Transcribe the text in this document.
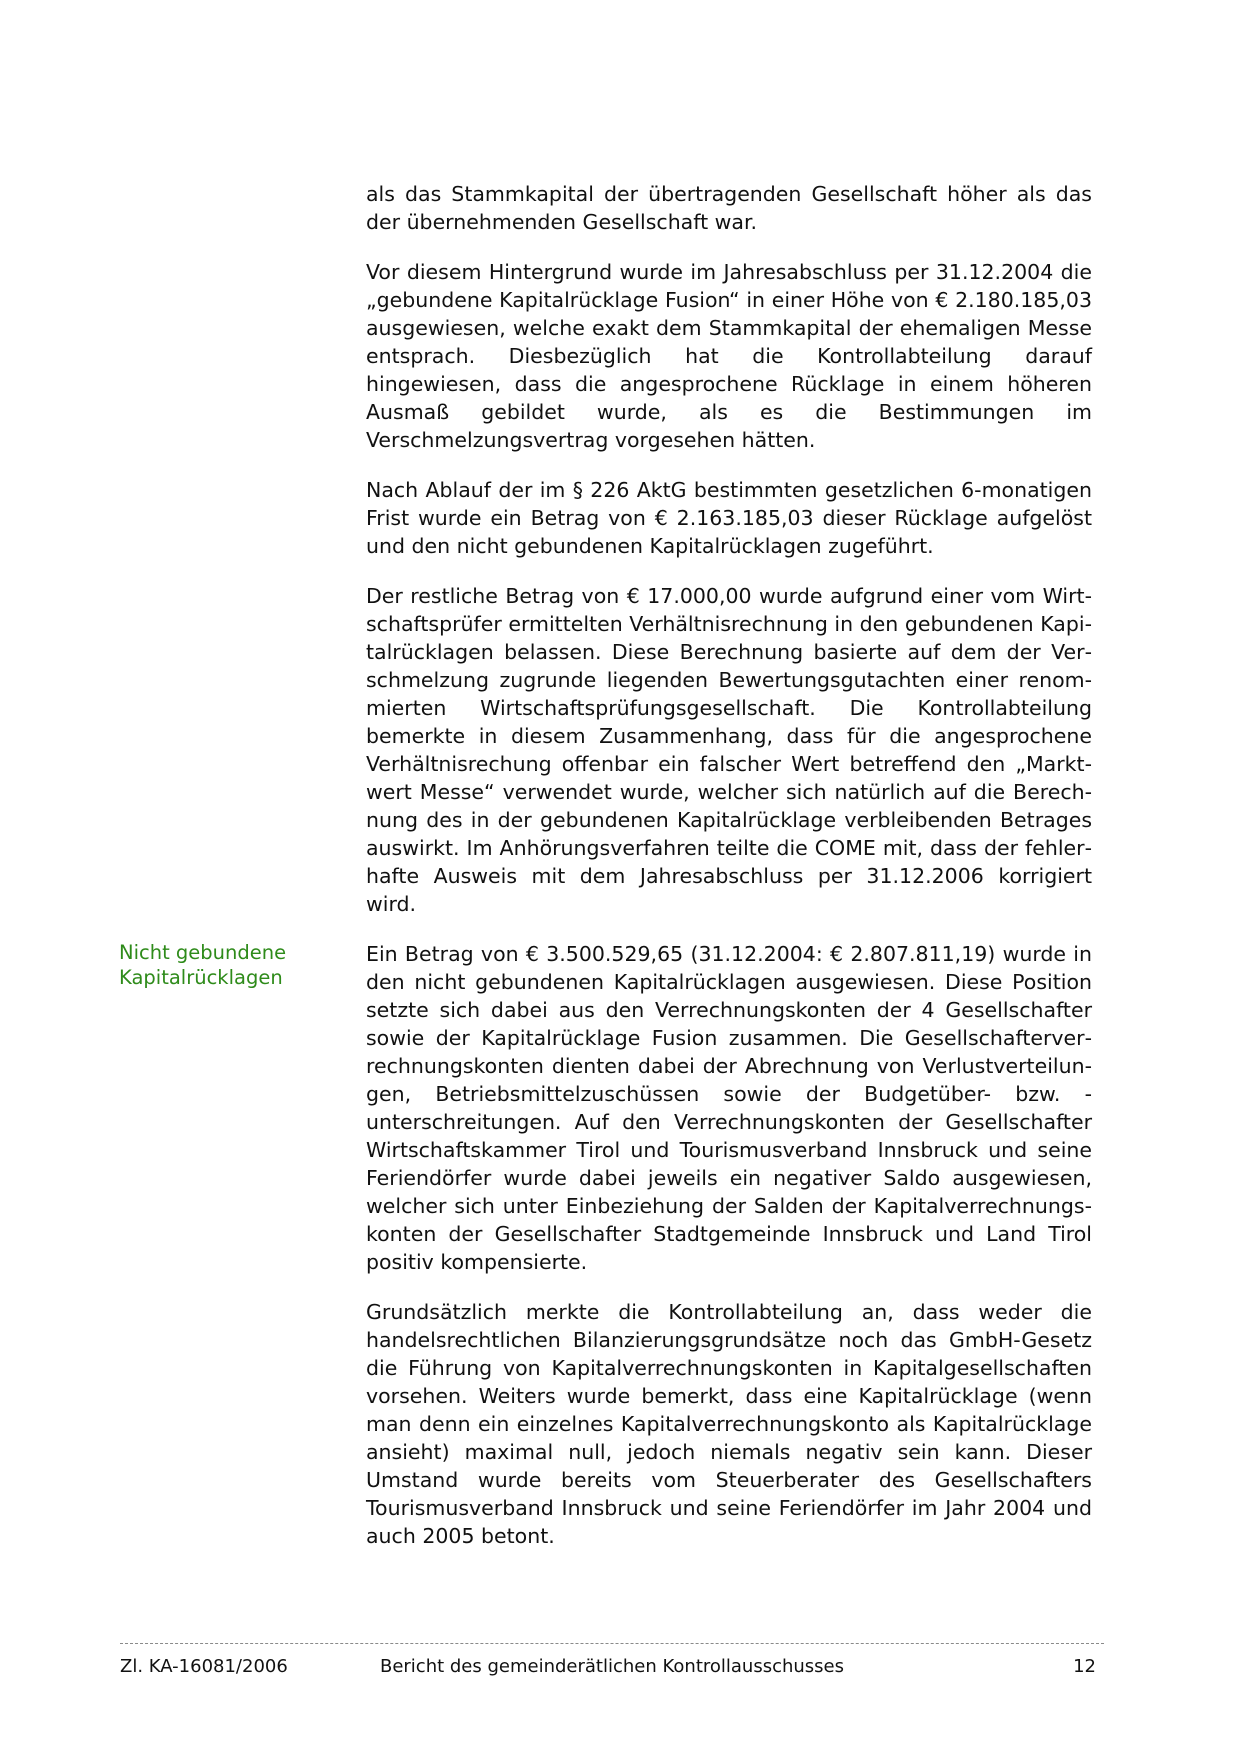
als das Stammkapital der übertragenden Gesellschaft höher als das der übernehmenden Gesellschaft war.

Vor diesem Hintergrund wurde im Jahresabschluss per 31.12.2004 die „gebundene Kapitalrücklage Fusion“ in einer Höhe von € 2.180.185,03 ausgewiesen, welche exakt dem Stammkapital der ehemaligen Messe entsprach. Diesbezüglich hat die Kontrollabteilung darauf hingewiesen, dass die angesprochene Rücklage in einem höheren Ausmaß gebildet wurde, als es die Bestimmungen im Verschmelzungsvertrag vorgesehen hätten.

Nach Ablauf der im § 226 AktG bestimmten gesetzlichen 6-monatigen Frist wurde ein Betrag von € 2.163.185,03 dieser Rücklage aufgelöst und den nicht gebundenen Kapitalrücklagen zugeführt.

Der restliche Betrag von € 17.000,00 wurde aufgrund einer vom Wirtschaftsprüfer ermittelten Verhältnisrechnung in den gebundenen Kapitalrücklagen belassen. Diese Berechnung basierte auf dem der Verschmelzung zugrunde liegenden Bewertungsgutachten einer renommierten Wirtschaftsprüfungsgesellschaft. Die Kontrollabteilung bemerkte in diesem Zusammenhang, dass für die angesprochene Verhältnisrechung offenbar ein falscher Wert betreffend den „Marktwert Messe“ verwendet wurde, welcher sich natürlich auf die Berechnung des in der gebundenen Kapitalrücklage verbleibenden Betrages auswirkt. Im Anhörungsverfahren teilte die COME mit, dass der fehlerhafte Ausweis mit dem Jahresabschluss per 31.12.2006 korrigiert wird.

Nicht gebundene
Kapitalrücklagen

Ein Betrag von € 3.500.529,65 (31.12.2004: € 2.807.811,19) wurde in den nicht gebundenen Kapitalrücklagen ausgewiesen. Diese Position setzte sich dabei aus den Verrechnungskonten der 4 Gesellschafter sowie der Kapitalrücklage Fusion zusammen. Die Gesellschafterverrechnungskonten dienten dabei der Abrechnung von Verlustverteilungen, Betriebsmittelzuschüssen sowie der Budgetüber- bzw. -unterschreitungen. Auf den Verrechnungskonten der Gesellschafter Wirtschaftskammer Tirol und Tourismusverband Innsbruck und seine Feriendörfer wurde dabei jeweils ein negativer Saldo ausgewiesen, welcher sich unter Einbeziehung der Salden der Kapitalverrechnungskonten der Gesellschafter Stadtgemeinde Innsbruck und Land Tirol positiv kompensierte.

Grundsätzlich merkte die Kontrollabteilung an, dass weder die handelsrechtlichen Bilanzierungsgrundsätze noch das GmbH-Gesetz die Führung von Kapitalverrechnungskonten in Kapitalgesellschaften vorsehen. Weiters wurde bemerkt, dass eine Kapitalrücklage (wenn man denn ein einzelnes Kapitalverrechnungskonto als Kapitalrücklage ansieht) maximal null, jedoch niemals negativ sein kann. Dieser Umstand wurde bereits vom Steuerberater des Gesellschafters Tourismusverband Innsbruck und seine Feriendörfer im Jahr 2004 und auch 2005 betont.

Bericht des gemeinderätlichen Kontrollausschusses
Zl. KA-16081/2006	12
